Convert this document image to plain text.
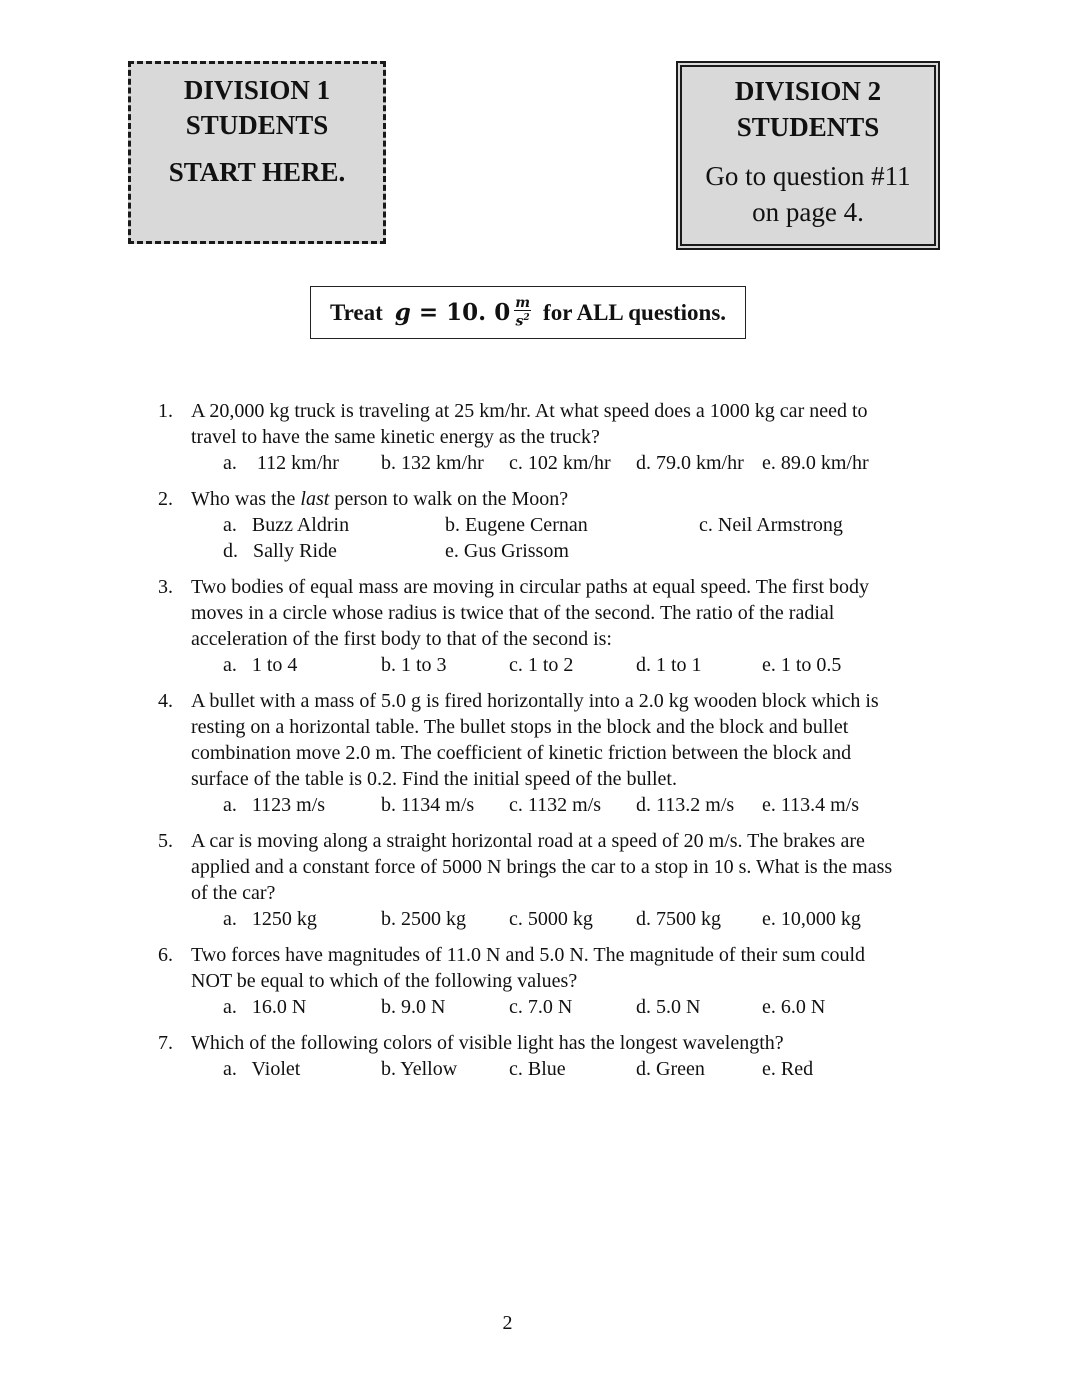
DIVISION 1
STUDENTS
START HERE.
DIVISION 2
STUDENTS
Go to question #11
on page 4.
Treat
g
= 10. $0 \frac{m}{s^2}$ for ALL questions.
1. A 20,000 kg truck is traveling at 25 km/hr. At what speed does a 1000 kg car need to
travel to have the same kinetic energy as the truck?
a.    112 km/hr	b. 132 km/hr	c. 102 km/hr	d. 79.0 km/hr e. 89.0 km/hr
2. Who was the last person to walk on the Moon?
a.   Buzz Aldrin	b. Eugene Cernan	c. Neil Armstrong
d.   Sally Ride	e. Gus Grissom
3. Two bodies of equal mass are moving in circular paths at equal speed. The first body
moves in a circle whose radius is twice that of the second. The ratio of the radial
acceleration of the first body to that of the second is:
a.   1 to 4	b. 1 to 3	c. 1 to 2	d. 1 to 1	e. 1 to 0.5
4. A bullet with a mass of 5.0 g is fired horizontally into a 2.0 kg wooden block which is
resting on a horizontal table. The bullet stops in the block and the block and bullet
combination move 2.0 m. The coefficient of kinetic friction between the block and
surface of the table is 0.2. Find the initial speed of the bullet.
a.   1123 m/s	b. 1134 m/s	c. 1132 m/s	d. 113.2 m/s	e. 113.4 m/s
5. A car is moving along a straight horizontal road at a speed of 20 m/s. The brakes are
applied and a constant force of 5000 N brings the car to a stop in 10 s. What is the mass
of the car?
a.   1250 kg	b. 2500 kg	c. 5000 kg	d. 7500 kg	e. 10,000 kg
6. Two forces have magnitudes of 11.0 N and 5.0 N. The magnitude of their sum could
NOT be equal to which of the following values?
a.   16.0 N	b. 9.0 N	c. 7.0 N	d. 5.0 N	e. 6.0 N
7. Which of the following colors of visible light has the longest wavelength?
a.   Violet	b. Yellow	c. Blue	d. Green	e. Red
2
